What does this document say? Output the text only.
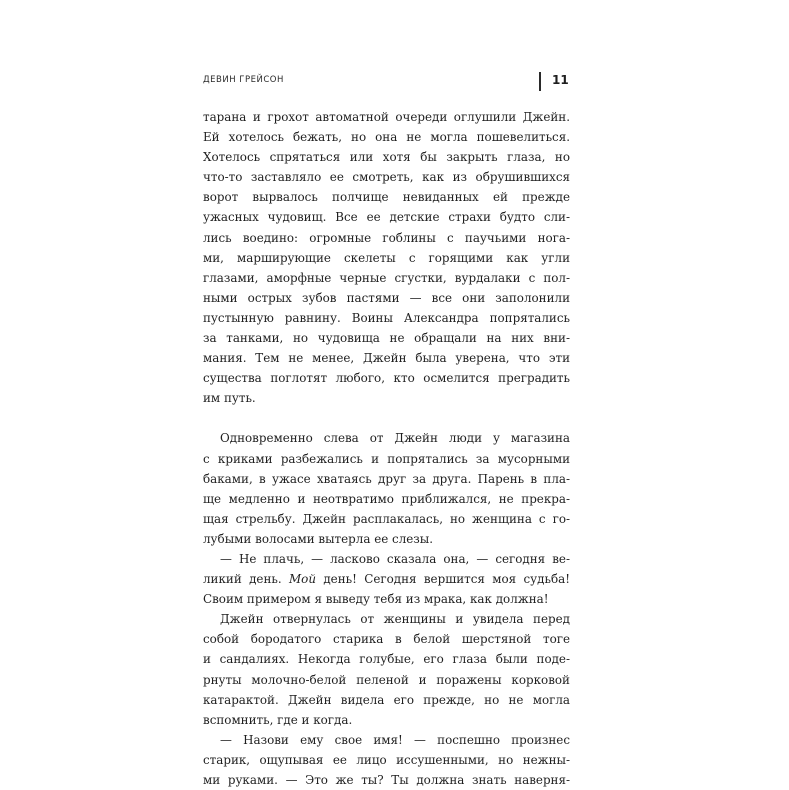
ДЕВИН ГРЕЙСОН	11

тарана и грохот автоматной очереди оглушили Джейн.
Ей хотелось бежать, но она не могла пошевелиться.
Хотелось спрятаться или хотя бы закрыть глаза, но
что-то заставляло ее смотреть, как из обрушившихся
ворот вырвалось полчище невиданных ей прежде
ужасных чудовищ. Все ее детские страхи будто сли-
лись воедино: огромные гоблины с паучьими нога-
ми, марширующие скелеты с горящими как угли
глазами, аморфные черные сгустки, вурдалаки с пол-
ными острых зубов пастями — все они заполонили
пустынную равнину. Воины Александра попрятались
за танками, но чудовища не обращали на них вни-
мания. Тем не менее, Джейн была уверена, что эти
существа поглотят любого, кто осмелится преградить
им путь.

Одновременно слева от Джейн люди у магазина
с криками разбежались и попрятались за мусорными
баками, в ужасе хватаясь друг за друга. Парень в пла-
ще медленно и неотвратимо приближался, не прекра-
щая стрельбу. Джейн расплакалась, но женщина с го-
лубыми волосами вытерла ее слезы.

— Не плачь, — ласково сказала она, — сегодня ве-
ликий день. Мой день! Сегодня вершится моя судьба!
Своим примером я выведу тебя из мрака, как должна!

Джейн отвернулась от женщины и увидела перед
собой бородатого старика в белой шерстяной тоге
и сандалиях. Некогда голубые, его глаза были поде-
рнуты молочно-белой пеленой и поражены корковой
катарактой. Джейн видела его прежде, но не могла
вспомнить, где и когда.

— Назови ему свое имя! — поспешно произнес
старик, ощупывая ее лицо иссушенными, но нежны-
ми руками. — Это же ты? Ты должна знать наверня-
